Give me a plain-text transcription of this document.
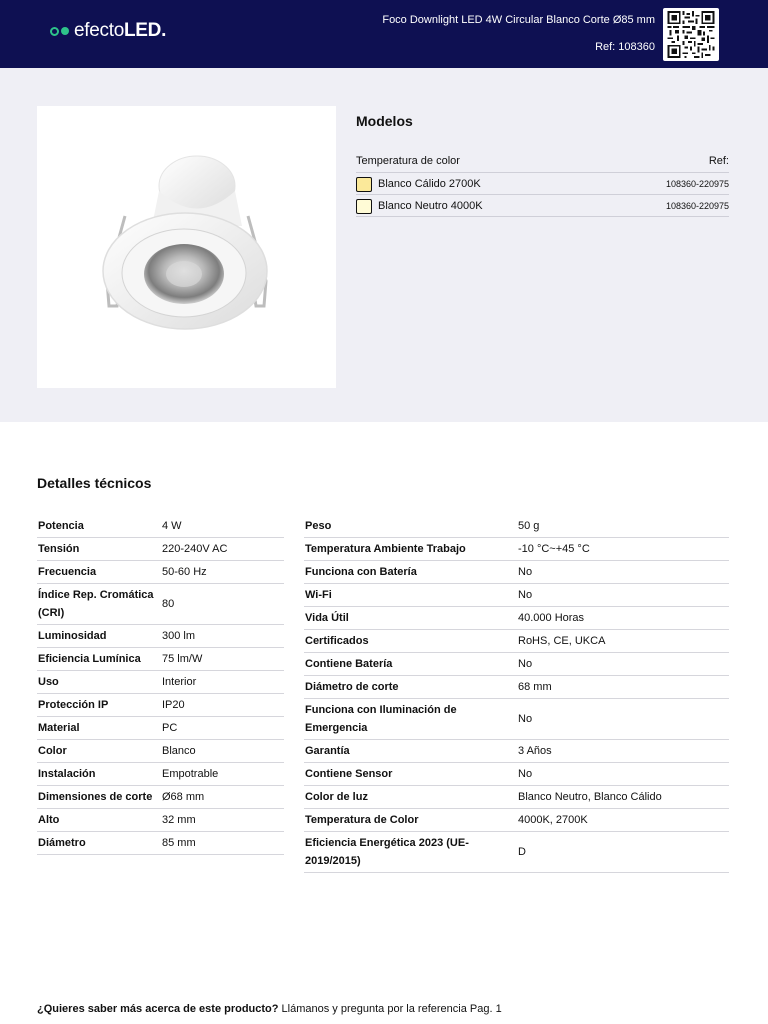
efectoLED.	Foco Downlight LED 4W Circular Blanco Corte Ø85 mm
Ref: 108360
Modelos
Temperatura de color	Ref:
Blanco Cálido 2700K	108360-220975
Blanco Neutro 4000K	108360-220975
Detalles técnicos
Potencia	4 W
Tensión	220-240V AC
Frecuencia	50-60 Hz
Índice Rep. Cromática (CRI)	80
Luminosidad	300 lm
Eficiencia Lumínica	75 lm/W
Uso	Interior
Protección IP	IP20
Material	PC
Color	Blanco
Instalación	Empotrable
Dimensiones de corte	Ø68 mm
Alto	32 mm
Diámetro	85 mm
Peso	50 g
Temperatura Ambiente Trabajo	-10 °C~+45 °C
Funciona con Batería	No
Wi-Fi	No
Vida Útil	40.000 Horas
Certificados	RoHS, CE, UKCA
Contiene Batería	No
Diámetro de corte	68 mm
Funciona con Iluminación de Emergencia	No
Garantía	3 Años
Contiene Sensor	No
Color de luz	Blanco Neutro, Blanco Cálido
Temperatura de Color	4000K, 2700K
Eficiencia Energética 2023 (UE-2019/2015)	D
¿Quieres saber más acerca de este producto? Llámanos y pregunta por la referencia Pag. 1
